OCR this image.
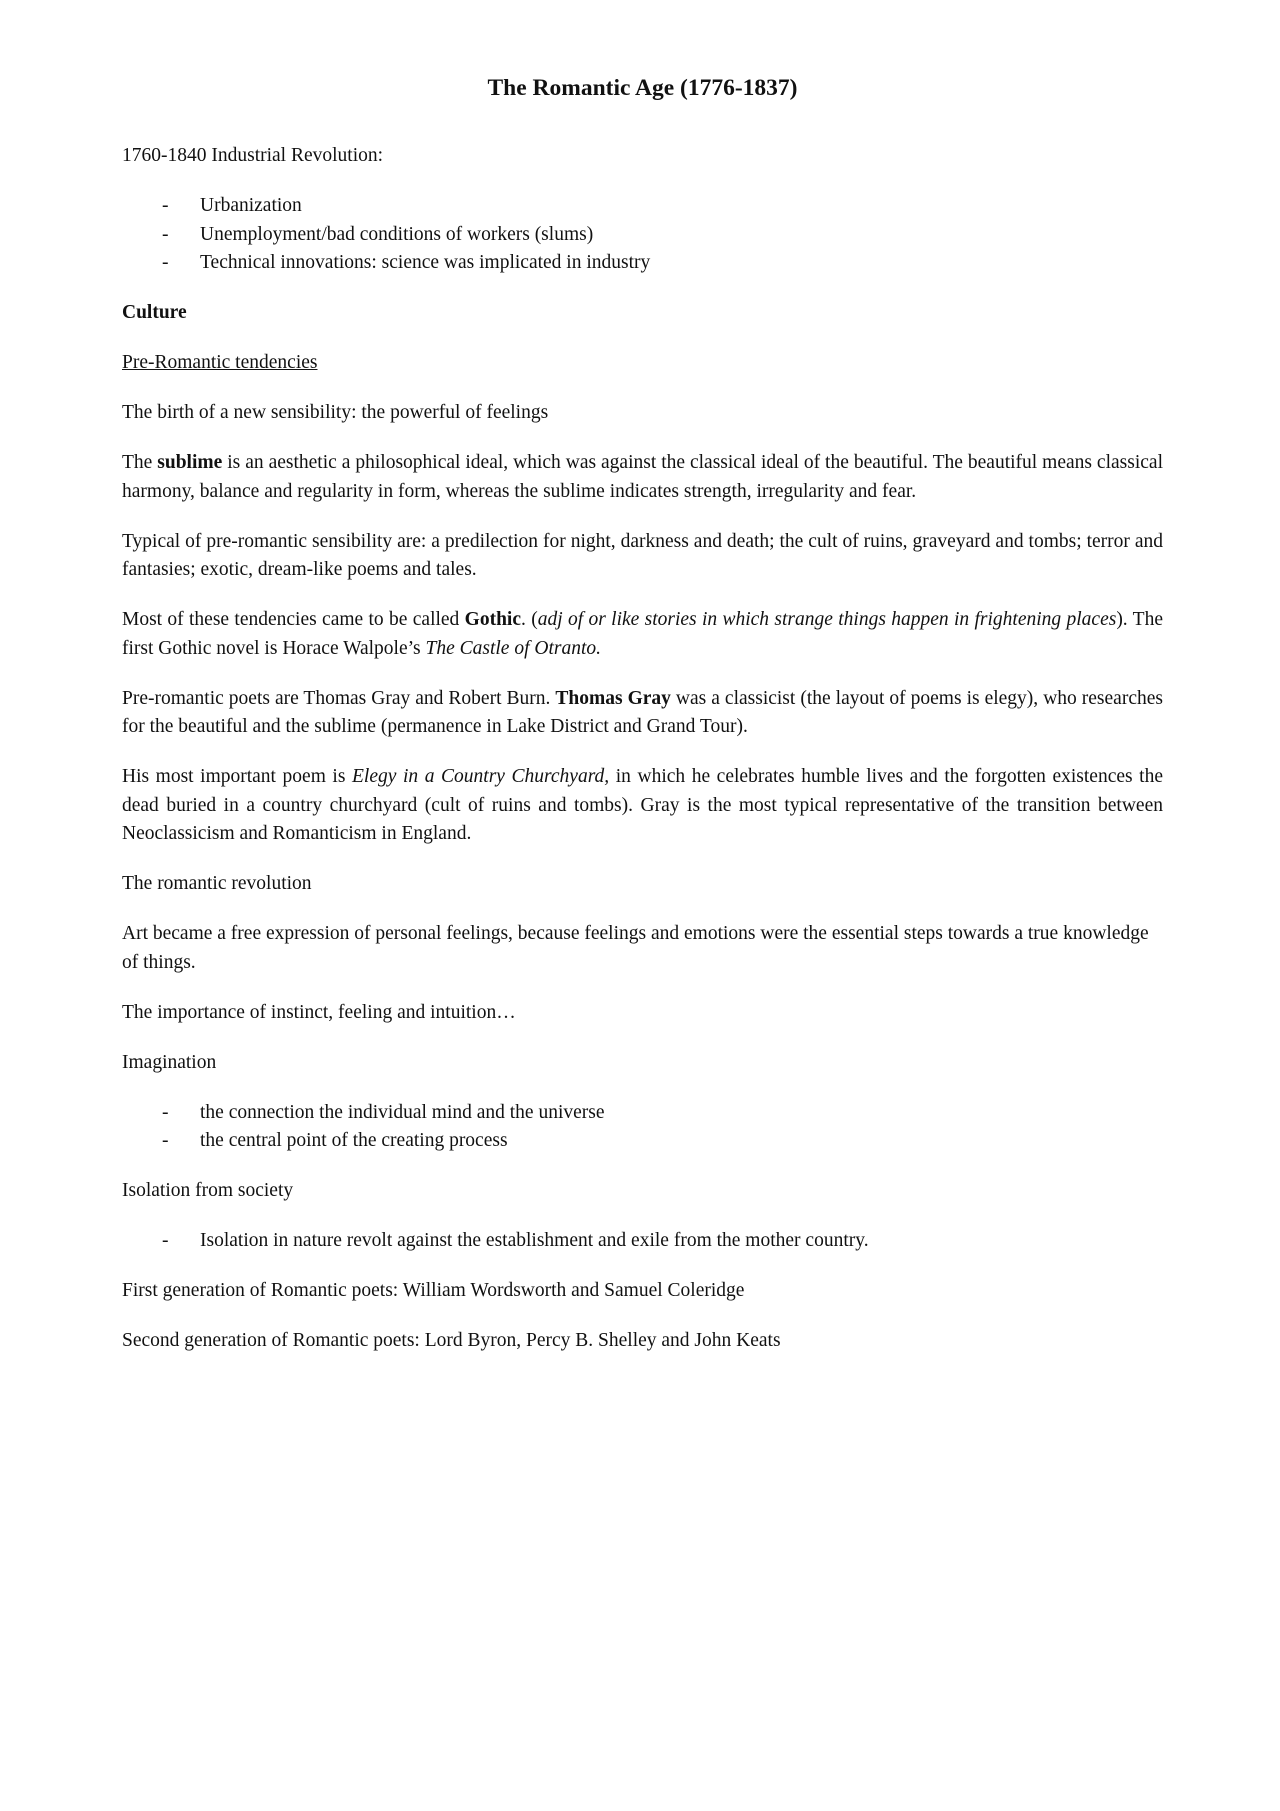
The Romantic Age (1776-1837)

1760-1840 Industrial Revolution:

- Urbanization
- Unemployment/bad conditions of workers (slums)
- Technical innovations: science was implicated in industry

Culture

Pre-Romantic tendencies

The birth of a new sensibility: the powerful of feelings

The sublime is an aesthetic a philosophical ideal, which was against the classical ideal of the beautiful. The beautiful means classical harmony, balance and regularity in form, whereas the sublime indicates strength, irregularity and fear.

Typical of pre-romantic sensibility are: a predilection for night, darkness and death; the cult of ruins, graveyard and tombs; terror and fantasies; exotic, dream-like poems and tales.

Most of these tendencies came to be called Gothic. (adj of or like stories in which strange things happen in frightening places). The first Gothic novel is Horace Walpole’s The Castle of Otranto.

Pre-romantic poets are Thomas Gray and Robert Burn. Thomas Gray was a classicist (the layout of poems is elegy), who researches for the beautiful and the sublime (permanence in Lake District and Grand Tour).

His most important poem is Elegy in a Country Churchyard, in which he celebrates humble lives and the forgotten existences the dead buried in a country churchyard (cult of ruins and tombs). Gray is the most typical representative of the transition between Neoclassicism and Romanticism in England.

The romantic revolution

Art became a free expression of personal feelings, because feelings and emotions were the essential steps towards a true knowledge of things.

The importance of instinct, feeling and intuition…

Imagination

- the connection the individual mind and the universe
- the central point of the creating process

Isolation from society

- Isolation in nature revolt against the establishment and exile from the mother country.

First generation of Romantic poets: William Wordsworth and Samuel Coleridge

Second generation of Romantic poets: Lord Byron, Percy B. Shelley and John Keats
